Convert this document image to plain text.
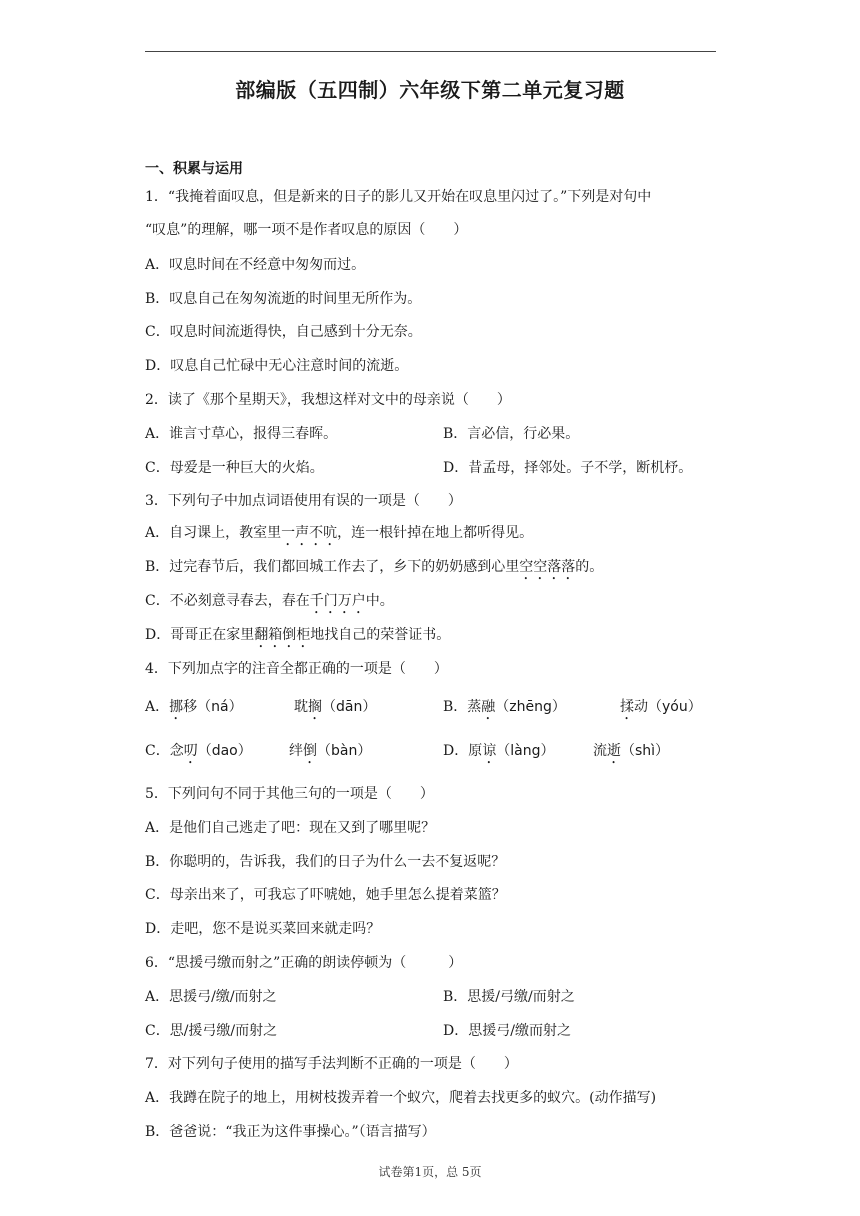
部编版（五四制）六年级下第二单元复习题
一、积累与运用
1．“我掩着面叹息，但是新来的日子的影儿又开始在叹息里闪过了。”下列是对句中
“叹息”的理解，哪一项不是作者叹息的原因（　　）
A．叹息时间在不经意中匆匆而过。
B．叹息自己在匆匆流逝的时间里无所作为。
C．叹息时间流逝得快，自己感到十分无奈。
D．叹息自己忙碌中无心注意时间的流逝。
2．读了《那个星期天》，我想这样对文中的母亲说（　　）
A．谁言寸草心，报得三春晖。	B．言必信，行必果。
C．母爱是一种巨大的火焰。	D．昔孟母，择邻处。子不学，断机杼。
3．下列句子中加点词语使用有误的一项是（　　）
A．自习课上，教室里一声不吭，连一根针掉在地上都听得见。
B．过完春节后，我们都回城工作去了，乡下的奶奶感到心里空空落落的。
C．不必刻意寻春去，春在千门万户中。
D．哥哥正在家里翻箱倒柜地找自己的荣誉证书。
4．下列加点字的注音全都正确的一项是（　　）
A．挪移（ná）	耽搁（dān）	B．蒸融（zhēng）	揉动（yóu）
C．念叨（dao）	绊倒（bàn）	D．原谅（làng）	流逝（shì）
5．下列问句不同于其他三句的一项是（　　）
A．是他们自己逃走了吧：现在又到了哪里呢？
B．你聪明的，告诉我，我们的日子为什么一去不复返呢？
C．母亲出来了，可我忘了吓唬她，她手里怎么提着菜篮？
D．走吧，您不是说买菜回来就走吗？
6．“思援弓缴而射之”正确的朗读停顿为（　　　）
A．思援弓/缴/而射之	B．思援/弓缴/而射之
C．思/援弓缴/而射之	D．思援弓/缴而射之
7．对下列句子使用的描写手法判断不正确的一项是（　　）
A．我蹲在院子的地上，用树枝拨弄着一个蚁穴，爬着去找更多的蚁穴。(动作描写)
B．爸爸说：“我正为这件事操心。”（语言描写）
试卷第1页，总 5页
